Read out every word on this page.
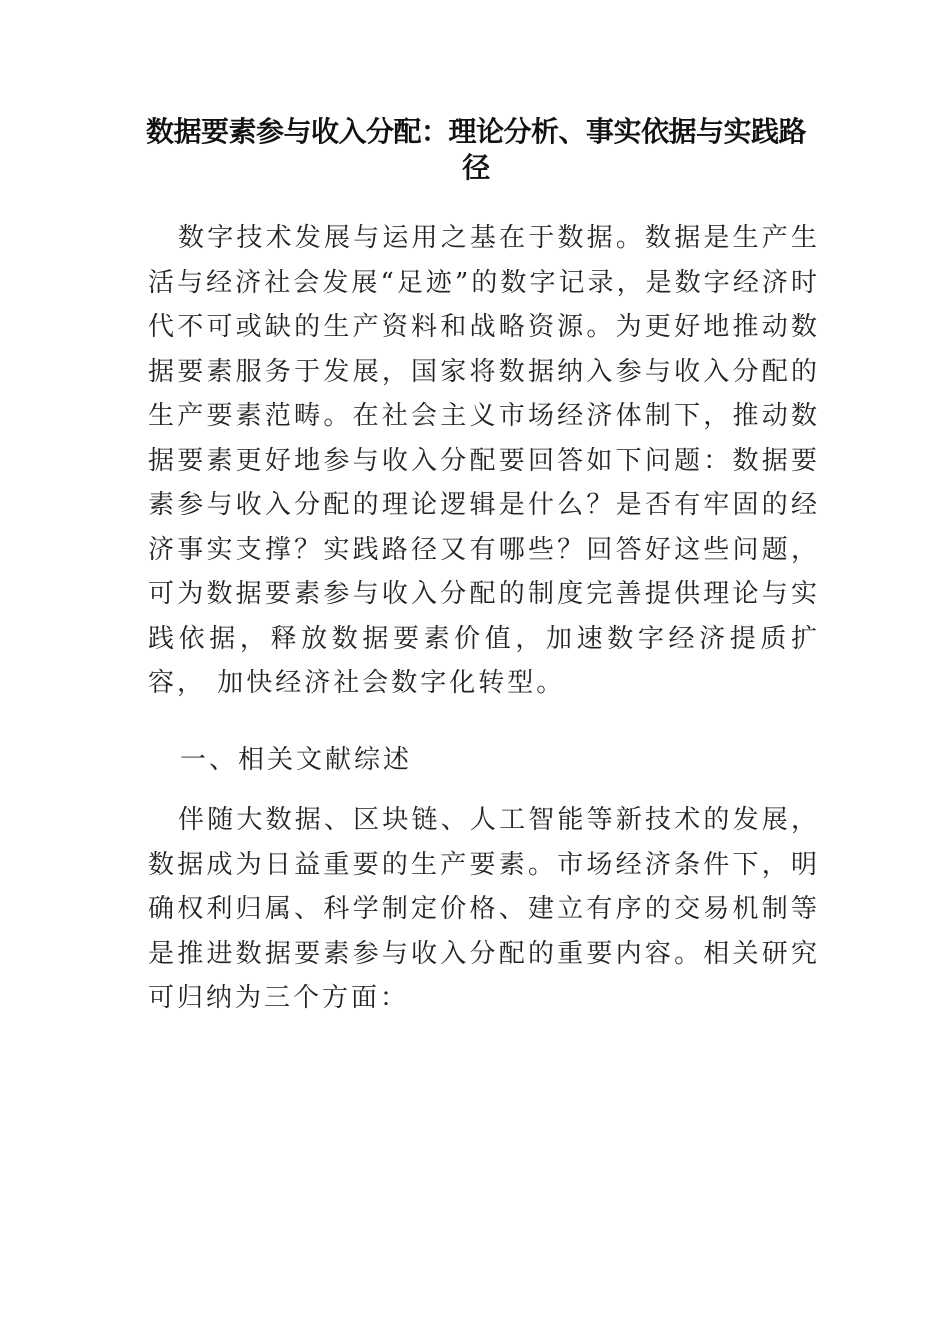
数据要素参与收入分配：理论分析、事实依据与实践路径

数字技术发展与运用之基在于数据。数据是生产生活与经济社会发展“足迹”的数字记录，是数字经济时代不可或缺的生产资料和战略资源。为更好地推动数据要素服务于发展，国家将数据纳入参与收入分配的生产要素范畴。在社会主义市场经济体制下，推动数据要素更好地参与收入分配要回答如下问题：数据要素参与收入分配的理论逻辑是什么？是否有牢固的经济事实支撑？实践路径又有哪些？回答好这些问题， 可为数据要素参与收入分配的制度完善提供理论与实践依据，释放数据要素价值，加速数字经济提质扩容， 加快经济社会数字化转型。

一、相关文献综述

伴随大数据、区块链、人工智能等新技术的发展，数据成为日益重要的生产要素。市场经济条件下，明确权利归属、科学制定价格、建立有序的交易机制等是推进数据要素参与收入分配的重要内容。相关研究可归纳为三个方面：
